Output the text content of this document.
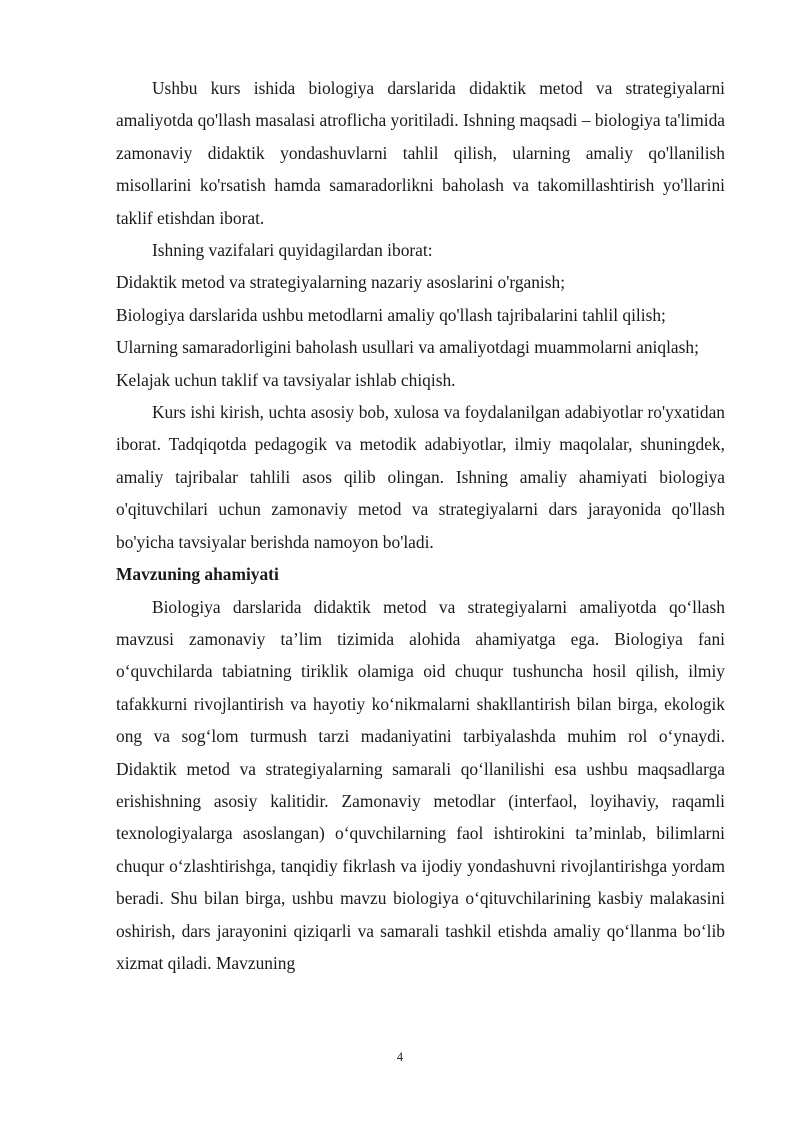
Ushbu kurs ishida biologiya darslarida didaktik metod va strategiyalarni amaliyotda qo'llash masalasi atroflicha yoritiladi. Ishning maqsadi – biologiya ta'limida zamonaviy didaktik yondashuvlarni tahlil qilish, ularning amaliy qo'llanilish misollarini ko'rsatish hamda samaradorlikni baholash va takomillashtirish yo'llarini taklif etishdan iborat.

Ishning vazifalari quyidagilardan iborat:

Didaktik metod va strategiyalarning nazariy asoslarini o'rganish;

Biologiya darslarida ushbu metodlarni amaliy qo'llash tajribalarini tahlil qilish;

Ularning samaradorligini baholash usullari va amaliyotdagi muammolarni aniqlash;

Kelajak uchun taklif va tavsiyalar ishlab chiqish.

Kurs ishi kirish, uchta asosiy bob, xulosa va foydalanilgan adabiyotlar ro'yxatidan iborat. Tadqiqotda pedagogik va metodik adabiyotlar, ilmiy maqolalar, shuningdek, amaliy tajribalar tahlili asos qilib olingan. Ishning amaliy ahamiyati biologiya o'qituvchilari uchun zamonaviy metod va strategiyalarni dars jarayonida qo'llash bo'yicha tavsiyalar berishda namoyon bo'ladi.

Mavzuning ahamiyati

Biologiya darslarida didaktik metod va strategiyalarni amaliyotda qo‘llash mavzusi zamonaviy ta’lim tizimida alohida ahamiyatga ega. Biologiya fani o‘quvchilarda tabiatning tiriklik olamiga oid chuqur tushuncha hosil qilish, ilmiy tafakkurni rivojlantirish va hayotiy ko‘nikmalarni shakllantirish bilan birga, ekologik ong va sog‘lom turmush tarzi madaniyatini tarbiyalashda muhim rol o‘ynaydi. Didaktik metod va strategiyalarning samarali qo‘llanilishi esa ushbu maqsadlarga erishishning asosiy kalitidir. Zamonaviy metodlar (interfaol, loyihaviy, raqamli texnologiyalarga asoslangan) o‘quvchilarning faol ishtirokini ta’minlab, bilimlarni chuqur o‘zlashtirishga, tanqidiy fikrlash va ijodiy yondashuvni rivojlantirishga yordam beradi. Shu bilan birga, ushbu mavzu biologiya o‘qituvchilarining kasbiy malakasini oshirish, dars jarayonini qiziqarli va samarali tashkil etishda amaliy qo‘llanma bo‘lib xizmat qiladi. Mavzuning

4
